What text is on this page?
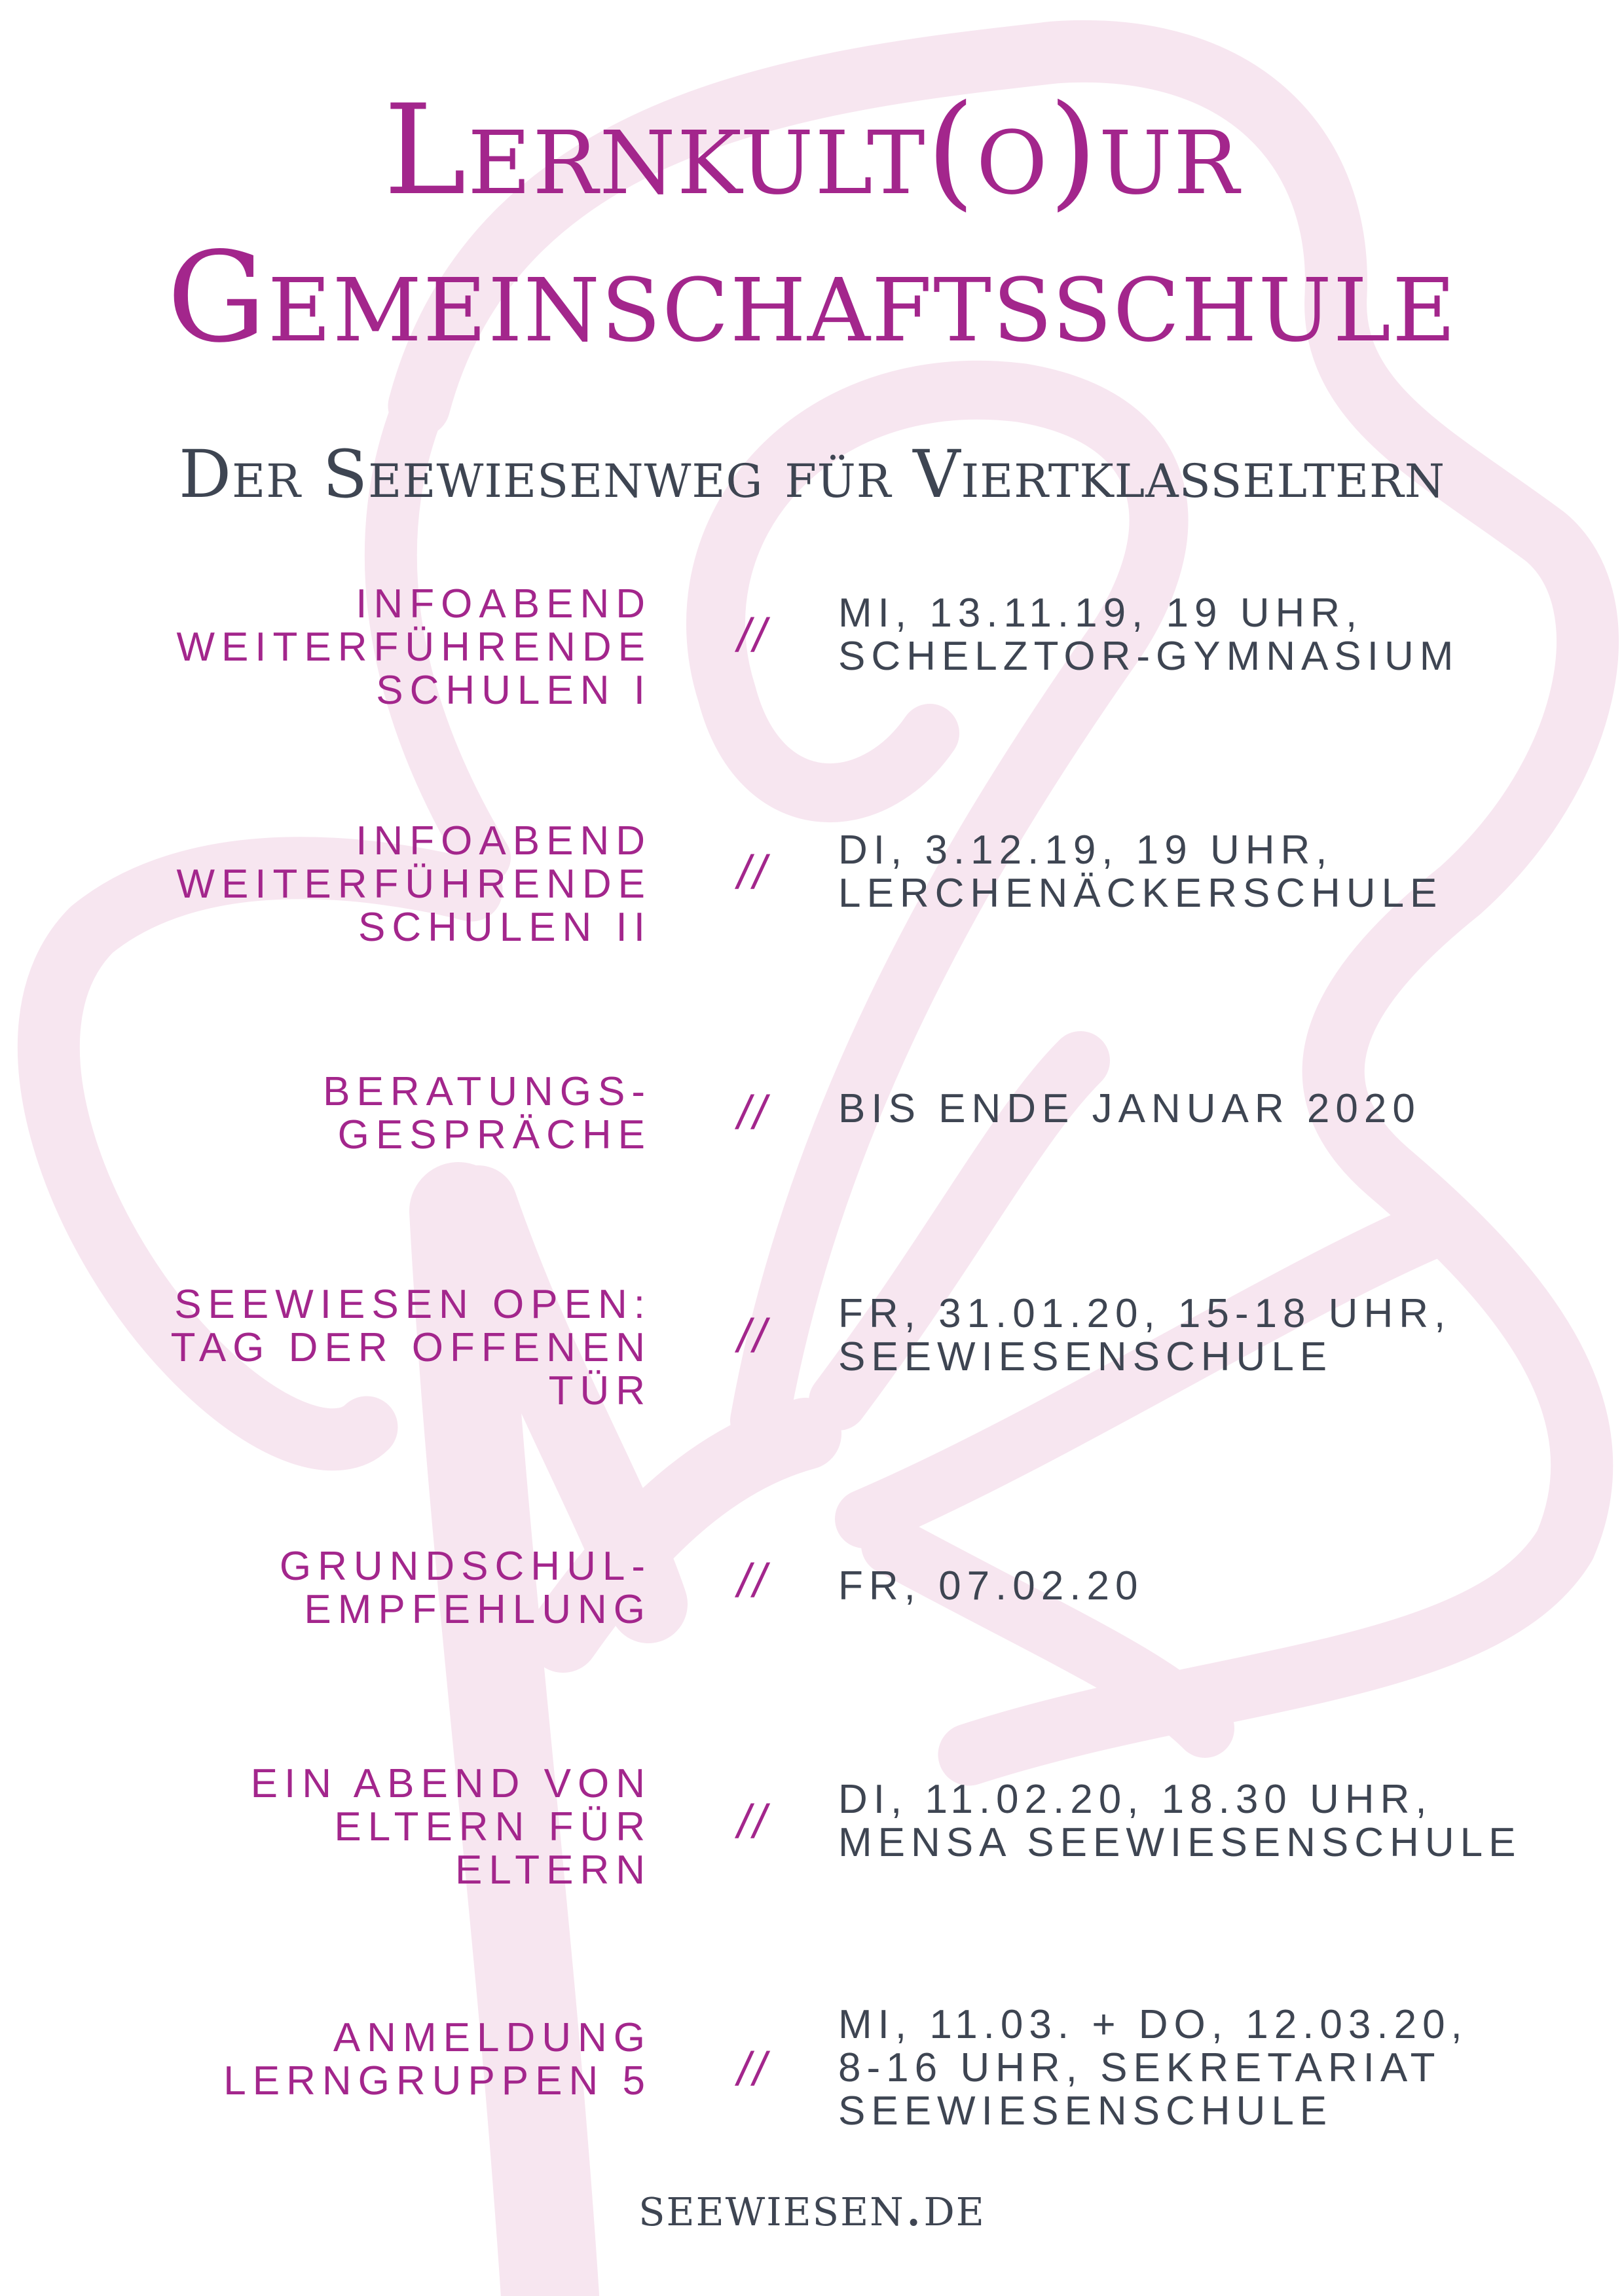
Lernkult(o)ur
Gemeinschaftsschule
Der Seewiesenweg für Viertklasseltern
INFOABEND
WEITERFÜHRENDE
SCHULEN I
// MI, 13.11.19, 19 UHR,
SCHELZTOR-GYMNASIUM
INFOABEND
WEITERFÜHRENDE
SCHULEN II
// DI, 3.12.19, 19 UHR,
LERCHENÄCKERSCHULE
BERATUNGS-
GESPRÄCHE // BIS ENDE JANUAR 2020
SEEWIESEN OPEN:
TAG DER OFFENEN
TÜR
// FR, 31.01.20, 15-18 UHR,
SEEWIESENSCHULE
GRUNDSCHUL-
EMPFEHLUNG
// FR, 07.02.20
EIN ABEND VON
ELTERN FÜR
ELTERN
// DI, 11.02.20, 18.30 UHR,
MENSA SEEWIESENSCHULE
ANMELDUNG
LERNGRUPPEN 5 //
MI, 11.03. + DO, 12.03.20,
8-16 UHR, SEKRETARIAT
SEEWIESENSCHULE
seewiesen.de
